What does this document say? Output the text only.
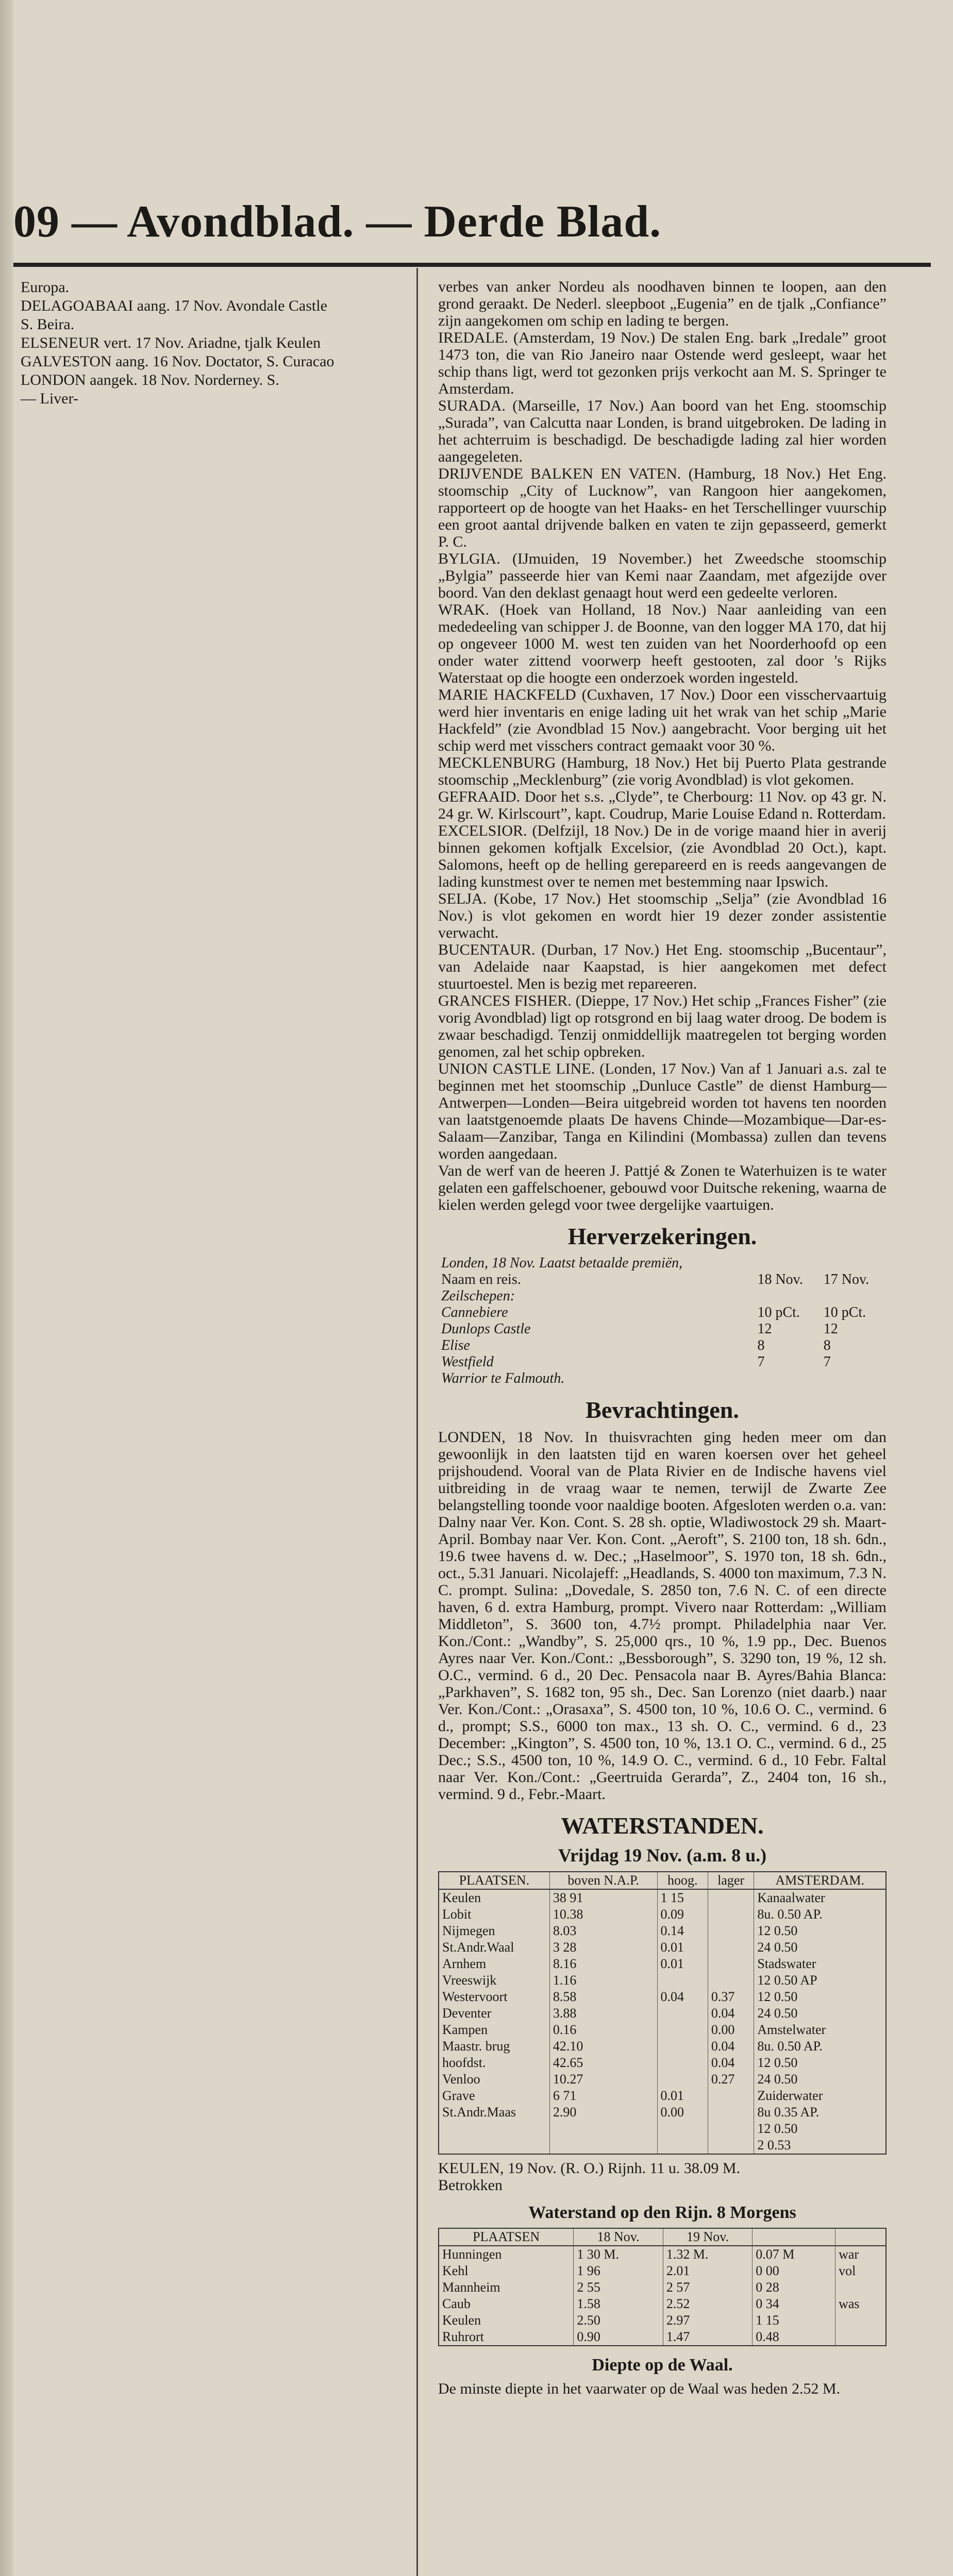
09 — Avondblad. — Derde Blad.

Europa.

DELAGOABAAI aang. 17 Nov. Avondale Castle

S. Beira.

ELSENEUR vert. 17 Nov. Ariadne, tjalk Keulen

GALVESTON aang. 16 Nov. Doctator, S. Curacao

LONDON aangek. 18 Nov. Norderney. S.

— Liver-

verbes van anker Nordeu als noodhaven binnen te loopen, aan den grond geraakt. De Nederl. sleepboot „Eugenia” en de tjalk „Confiance” zijn aangekomen om schip en lading te bergen.

IREDALE. (Amsterdam, 19 Nov.) De stalen Eng. bark „Iredale” groot 1473 ton, die van Rio Janeiro naar Ostende werd gesleept, waar het schip thans ligt, werd tot gezonken prijs verkocht aan M. S. Springer te Amsterdam.

SURADA. (Marseille, 17 Nov.) Aan boord van het Eng. stoomschip „Surada”, van Calcutta naar Londen, is brand uitgebroken. De lading in het achterruim is beschadigd. De beschadigde lading zal hier worden aangegeleten.

DRIJVENDE BALKEN EN VATEN. (Hamburg, 18 Nov.) Het Eng. stoomschip „City of Lucknow”, van Rangoon hier aangekomen, rapporteert op de hoogte van het Haaks- en het Terschellinger vuurschip een groot aantal drijvende balken en vaten te zijn gepasseerd, gemerkt P. C.

BYLGIA. (IJmuiden, 19 November.) het Zweedsche stoomschip „Bylgia” passeerde hier van Kemi naar Zaandam, met afgezijde over boord. Van den deklast genaagt hout werd een gedeelte verloren.

WRAK. (Hoek van Holland, 18 Nov.) Naar aanleiding van een mededeeling van schipper J. de Boonne, van den logger MA 170, dat hij op ongeveer 1000 M. west ten zuiden van het Noorderhoofd op een onder water zittend voorwerp heeft gestooten, zal door 's Rijks Waterstaat op die hoogte een onderzoek worden ingesteld.

MARIE HACKFELD (Cuxhaven, 17 Nov.) Door een visschervaartuig werd hier inventaris en enige lading uit het wrak van het schip „Marie Hackfeld” (zie Avondblad 15 Nov.) aangebracht. Voor berging uit het schip werd met visschers contract gemaakt voor 30 %.

MECKLENBURG (Hamburg, 18 Nov.) Het bij Puerto Plata gestrande stoomschip „Mecklenburg” (zie vorig Avondblad) is vlot gekomen.

GEFRAAID. Door het s.s. „Clyde”, te Cherbourg: 11 Nov. op 43 gr. N. 24 gr. W. Kirlscourt”, kapt. Coudrup, Marie Louise Edand n. Rotterdam.

EXCELSIOR. (Delfzijl, 18 Nov.) De in de vorige maand hier in averij binnen gekomen koftjalk Excelsior, (zie Avondblad 20 Oct.), kapt. Salomons, heeft op de helling gerepareerd en is reeds aangevangen de lading kunstmest over te nemen met bestemming naar Ipswich.

SELJA. (Kobe, 17 Nov.) Het stoomschip „Selja” (zie Avondblad 16 Nov.) is vlot gekomen en wordt hier 19 dezer zonder assistentie verwacht.

BUCENTAUR. (Durban, 17 Nov.) Het Eng. stoomschip „Bucentaur”, van Adelaide naar Kaapstad, is hier aangekomen met defect stuurtoestel. Men is bezig met repareeren.

GRANCES FISHER. (Dieppe, 17 Nov.) Het schip „Frances Fisher” (zie vorig Avondblad) ligt op rotsgrond en bij laag water droog. De bodem is zwaar beschadigd. Tenzij onmiddellijk maatregelen tot berging worden genomen, zal het schip opbreken.

UNION CASTLE LINE. (Londen, 17 Nov.) Van af 1 Januari a.s. zal te beginnen met het stoomschip „Dunluce Castle” de dienst Hamburg—Antwerpen—Londen—Beira uitgebreid worden tot havens ten noorden van laatstgenoemde plaats De havens Chinde—Mozambique—Dar-es-Salaam—Zanzibar, Tanga en Kilindini (Mombassa) zullen dan tevens worden aangedaan.

Van de werf van de heeren J. Pattjé & Zonen te Waterhuizen is te water gelaten een gaffelschoener, gebouwd voor Duitsche rekening, waarna de kielen werden gelegd voor twee dergelijke vaartuigen.

Herverzekeringen.
Londen, 18 Nov. Laatst betaalde premiën,		
Naam en reis.	18 Nov.	17 Nov.
Zeilschepen:		
Cannebiere	10 pCt.	10 pCt.
Dunlops Castle	12	12
Elise	8	8
Westfield	7	7
Warrior te Falmouth.		
Bevrachtingen.

LONDEN, 18 Nov. In thuisvrachten ging heden meer om dan gewoonlijk in den laatsten tijd en waren koersen over het geheel prijshoudend. Vooral van de Plata Rivier en de Indische havens viel uitbreiding in de vraag waar te nemen, terwijl de Zwarte Zee belangstelling toonde voor naaldige booten. Afgesloten werden o.a. van: Dalny naar Ver. Kon. Cont. S. 28 sh. optie, Wladiwostock 29 sh. Maart-April. Bombay naar Ver. Kon. Cont. „Aeroft”, S. 2100 ton, 18 sh. 6dn., 19.6 twee havens d. w. Dec.; „Haselmoor”, S. 1970 ton, 18 sh. 6dn., oct., 5.31 Januari. Nicolajeff: „Headlands, S. 4000 ton maximum, 7.3 N. C. prompt. Sulina: „Dovedale, S. 2850 ton, 7.6 N. C. of een directe haven, 6 d. extra Hamburg, prompt. Vivero naar Rotterdam: „William Middleton”, S. 3600 ton, 4.7½ prompt. Philadelphia naar Ver. Kon./Cont.: „Wandby”, S. 25,000 qrs., 10 %, 1.9 pp., Dec. Buenos Ayres naar Ver. Kon./Cont.: „Bessborough”, S. 3290 ton, 19 %, 12 sh. O.C., vermind. 6 d., 20 Dec. Pensacola naar B. Ayres/Bahia Blanca: „Parkhaven”, S. 1682 ton, 95 sh., Dec. San Lorenzo (niet daarb.) naar Ver. Kon./Cont.: „Orasaxa”, S. 4500 ton, 10 %, 10.6 O. C., vermind. 6 d., prompt; S.S., 6000 ton max., 13 sh. O. C., vermind. 6 d., 23 December: „Kington”, S. 4500 ton, 10 %, 13.1 O. C., vermind. 6 d., 25 Dec.; S.S., 4500 ton, 10 %, 14.9 O. C., vermind. 6 d., 10 Febr. Faltal naar Ver. Kon./Cont.: „Geertruida Gerarda”, Z., 2404 ton, 16 sh., vermind. 9 d., Febr.-Maart.

WATERSTANDEN.
Vrijdag 19 Nov. (a.m. 8 u.)
PLAATSEN.	boven N.A.P.	hoog.	lager	AMSTERDAM.
Keulen	38 91	1 15		Kanaalwater
Lobit	10.38	0.09		8u. 0.50 AP.
Nijmegen	8.03	0.14		12 0.50
St.Andr.Waal	3 28	0.01		24 0.50
Arnhem	8.16	0.01		Stadswater
Vreeswijk	1.16			12 0.50 AP
Westervoort	8.58	0.04	0.37	12 0.50
Deventer	3.88		0.04	24 0.50
Kampen	0.16		0.00	Amstelwater
Maastr. brug	42.10		0.04	8u. 0.50 AP.
hoofdst.	42.65		0.04	12 0.50
Venloo	10.27		0.27	24 0.50
Grave	6 71	0.01		Zuiderwater
St.Andr.Maas	2.90	0.00		8u 0.35 AP.
				12 0.50
				2 0.53

KEULEN, 19 Nov. (R. O.) Rijnh. 11 u. 38.09 M.

Betrokken

Waterstand op den Rijn. 8 Morgens
PLAATSEN	18 Nov.	19 Nov.		
Hunningen	1 30 M.	1.32 M.	0.07 M	war
Kehl	1 96	2.01	0 00	vol
Mannheim	2 55	2 57	0 28	
Caub	1.58	2.52	0 34	was
Keulen	2.50	2.97	1 15	
Ruhrort	0.90	1.47	0.48	
Diepte op de Waal.

De minste diepte in het vaarwater op de Waal was heden 2.52 M.
